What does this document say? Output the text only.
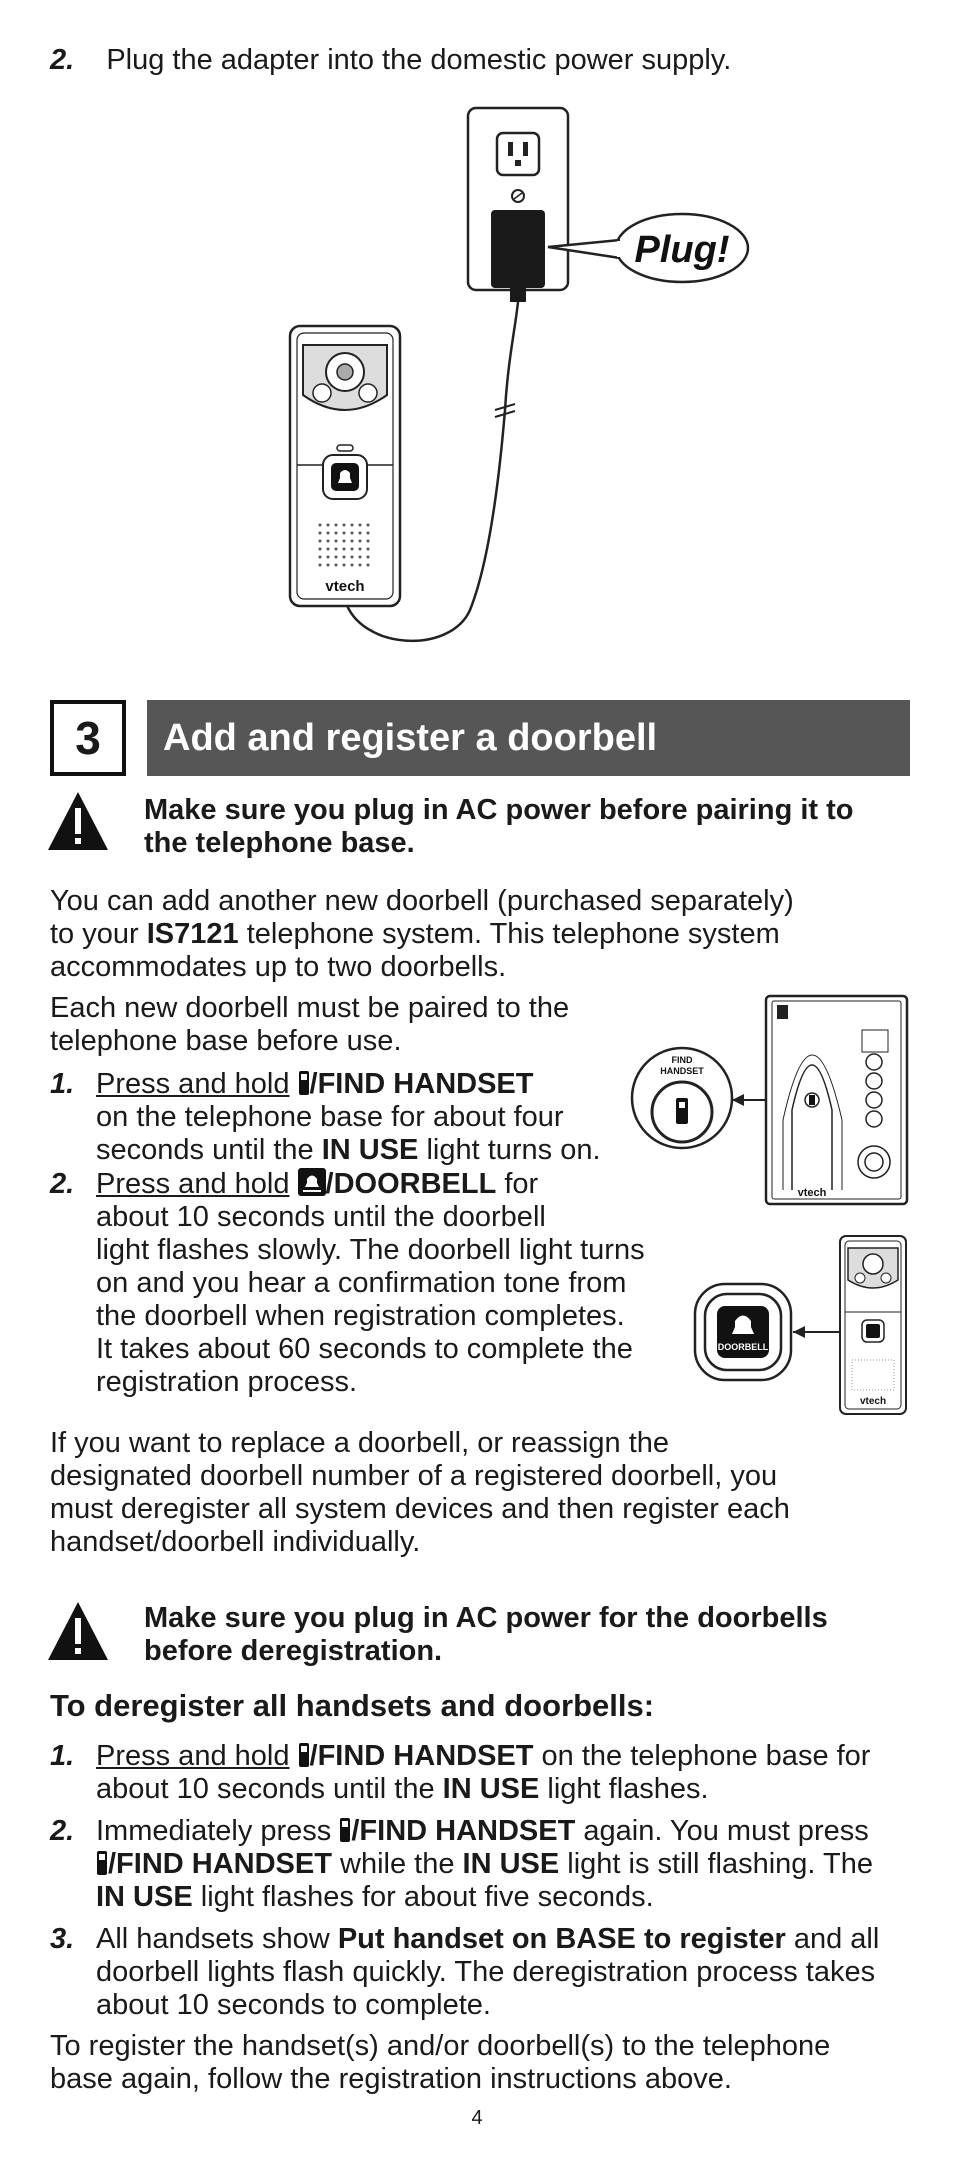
2. Plug the adapter into the domestic power supply.

Plug!
vtech
3	Add and register a doorbell
Make sure you plug in AC power before pairing it to
the telephone base.
You can add another new doorbell (purchased separately)
to your IS7121 telephone system. This telephone system
accommodates up to two doorbells.
Each new doorbell must be paired to the
telephone base before use.
1. Press and hold /FIND HANDSET
on the telephone base for about four
seconds until the IN USE light turns on.
2. Press and hold /DOORBELL for
about 10 seconds until the doorbell
light flashes slowly. The doorbell light turns
on and you hear a confirmation tone from
the doorbell when registration completes.
It takes about 60 seconds to complete the
registration process.
FIND
HANDSET
vtech
DOORBELL
vtech
If you want to replace a doorbell, or reassign the
designated doorbell number of a registered doorbell, you
must deregister all system devices and then register each
handset/doorbell individually.
Make sure you plug in AC power for the doorbells
before deregistration.
To deregister all handsets and doorbells:
1. Press and hold /FIND HANDSET on the telephone base for
about 10 seconds until the IN USE light flashes.
2. Immediately press /FIND HANDSET again. You must press
/FIND HANDSET while the IN USE light is still flashing. The
IN USE light flashes for about five seconds.
3. All handsets show Put handset on BASE to register and all
doorbell lights flash quickly. The deregistration process takes
about 10 seconds to complete.
To register the handset(s) and/or doorbell(s) to the telephone
base again, follow the registration instructions above.
4
